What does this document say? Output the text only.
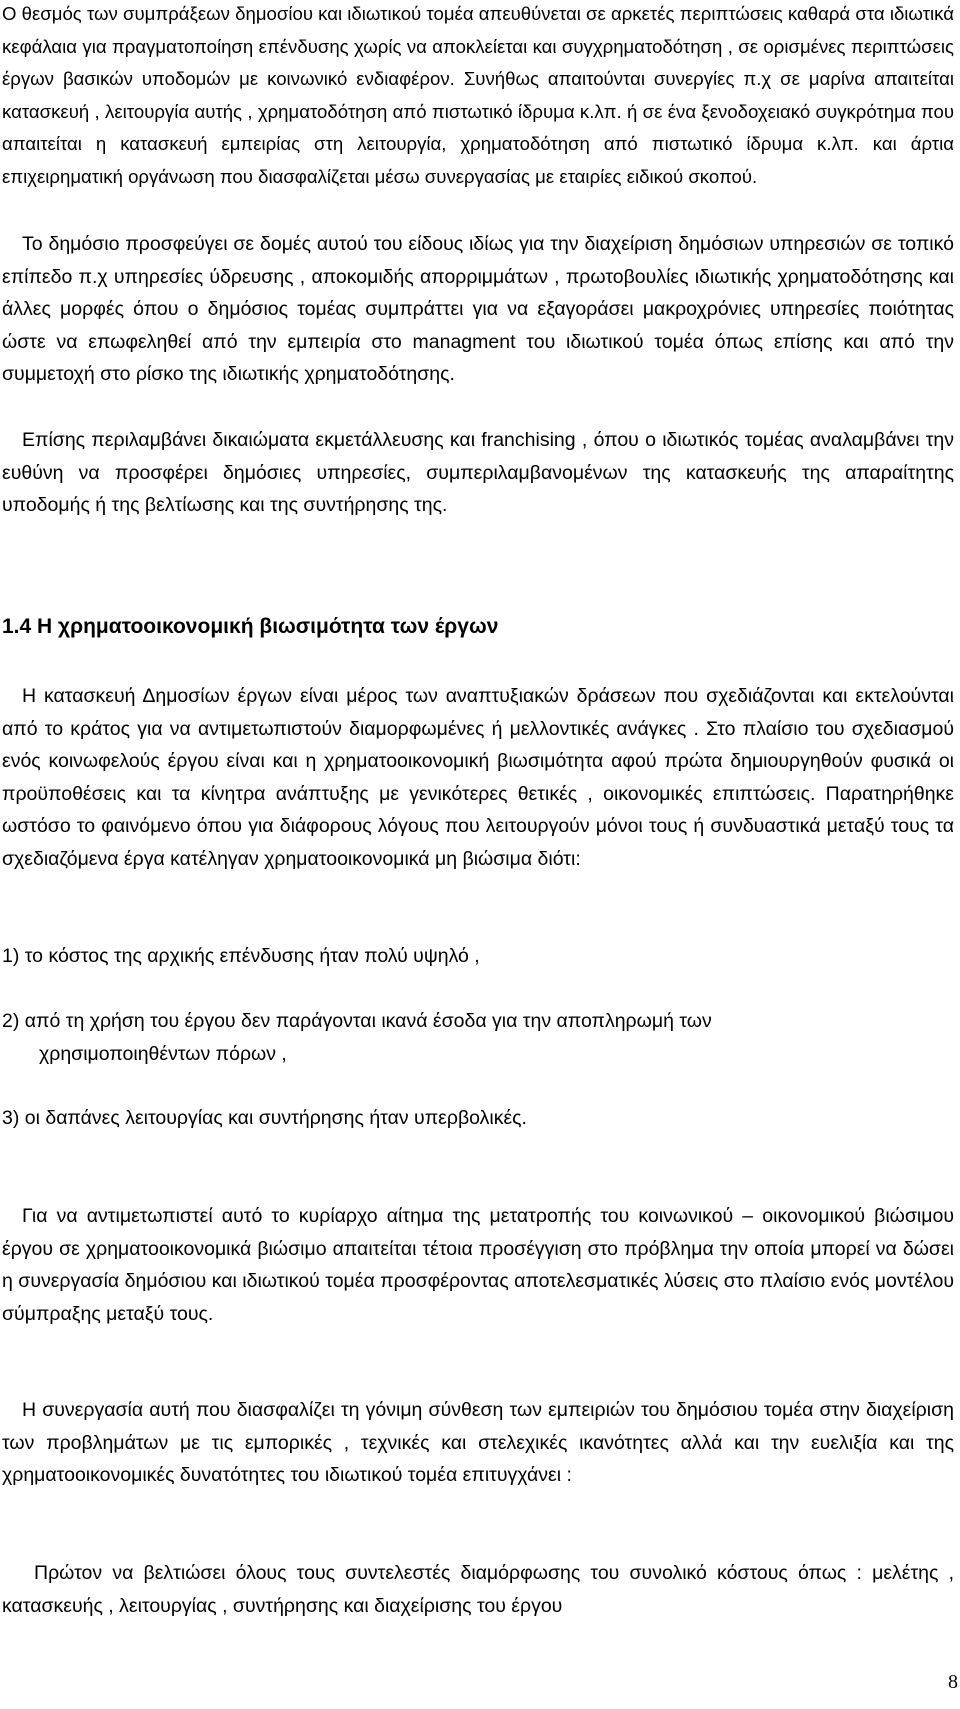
Ο θεσμός των συμπράξεων δημοσίου και ιδιωτικού τομέα απευθύνεται σε αρκετές περιπτώσεις καθαρά στα ιδιωτικά κεφάλαια για πραγματοποίηση επένδυσης χωρίς να αποκλείεται και συγχρηματοδότηση , σε ορισμένες περιπτώσεις έργων βασικών υποδομών με κοινωνικό ενδιαφέρον. Συνήθως απαιτούνται συνεργίες π.χ σε μαρίνα απαιτείται κατασκευή , λειτουργία αυτής , χρηματοδότηση από πιστωτικό ίδρυμα κ.λπ. ή σε ένα ξενοδοχειακό συγκρότημα που απαιτείται η κατασκευή εμπειρίας στη λειτουργία, χρηματοδότηση από πιστωτικό ίδρυμα κ.λπ. και άρτια επιχειρηματική οργάνωση που διασφαλίζεται μέσω συνεργασίας με εταιρίες ειδικού σκοπού.

Το δημόσιο προσφεύγει σε δομές αυτού του είδους ιδίως για την διαχείριση δημόσιων υπηρεσιών σε τοπικό επίπεδο π.χ υπηρεσίες ύδρευσης , αποκομιδής απορριμμάτων , πρωτοβουλίες ιδιωτικής χρηματοδότησης και άλλες μορφές όπου ο δημόσιος τομέας συμπράττει για να εξαγοράσει μακροχρόνιες υπηρεσίες ποιότητας ώστε να επωφεληθεί από την εμπειρία στο managment του ιδιωτικού τομέα όπως επίσης και από την συμμετοχή στο ρίσκο της ιδιωτικής χρηματοδότησης.

Επίσης περιλαμβάνει δικαιώματα εκμετάλλευσης και franchising , όπου ο ιδιωτικός τομέας αναλαμβάνει την ευθύνη να προσφέρει δημόσιες υπηρεσίες, συμπεριλαμβανομένων της κατασκευής της απαραίτητης υποδομής ή της βελτίωσης και της συντήρησης της.

1.4 Η χρηματοοικονομική βιωσιμότητα των έργων

Η κατασκευή Δημοσίων έργων είναι μέρος των αναπτυξιακών δράσεων που σχεδιάζονται και εκτελούνται από το κράτος για να αντιμετωπιστούν διαμορφωμένες ή μελλοντικές ανάγκες . Στο πλαίσιο του σχεδιασμού ενός κοινωφελούς έργου είναι και η χρηματοοικονομική βιωσιμότητα αφού πρώτα δημιουργηθούν φυσικά οι προϋποθέσεις και τα κίνητρα ανάπτυξης με γενικότερες θετικές , οικονομικές επιπτώσεις. Παρατηρήθηκε ωστόσο το φαινόμενο όπου για διάφορους λόγους που λειτουργούν μόνοι τους ή συνδυαστικά μεταξύ τους τα σχεδιαζόμενα έργα κατέληγαν χρηματοοικονομικά μη βιώσιμα διότι:

1) το κόστος της αρχικής επένδυσης ήταν πολύ υψηλό ,
2) από τη χρήση του έργου δεν παράγονται ικανά έσοδα για την αποπληρωμή των
χρησιμοποιηθέντων πόρων ,
3) οι δαπάνες λειτουργίας και συντήρησης ήταν υπερβολικές.

Για να αντιμετωπιστεί αυτό το κυρίαρχο αίτημα της μετατροπής του κοινωνικού – οικονομικού βιώσιμου έργου σε χρηματοοικονομικά βιώσιμο απαιτείται τέτοια προσέγγιση στο πρόβλημα την οποία μπορεί να δώσει η συνεργασία δημόσιου και ιδιωτικού τομέα προσφέροντας αποτελεσματικές λύσεις στο πλαίσιο ενός μοντέλου σύμπραξης μεταξύ τους.

Η συνεργασία αυτή που διασφαλίζει τη γόνιμη σύνθεση των εμπειριών του δημόσιου τομέα στην διαχείριση των προβλημάτων με τις εμπορικές , τεχνικές και στελεχικές ικανότητες αλλά και την ευελιξία και της χρηματοοικονομικές δυνατότητες του ιδιωτικού τομέα επιτυγχάνει :

Πρώτον να βελτιώσει όλους τους συντελεστές διαμόρφωσης του συνολικό κόστους όπως : μελέτης , κατασκευής , λειτουργίας , συντήρησης και διαχείρισης του έργου

8
